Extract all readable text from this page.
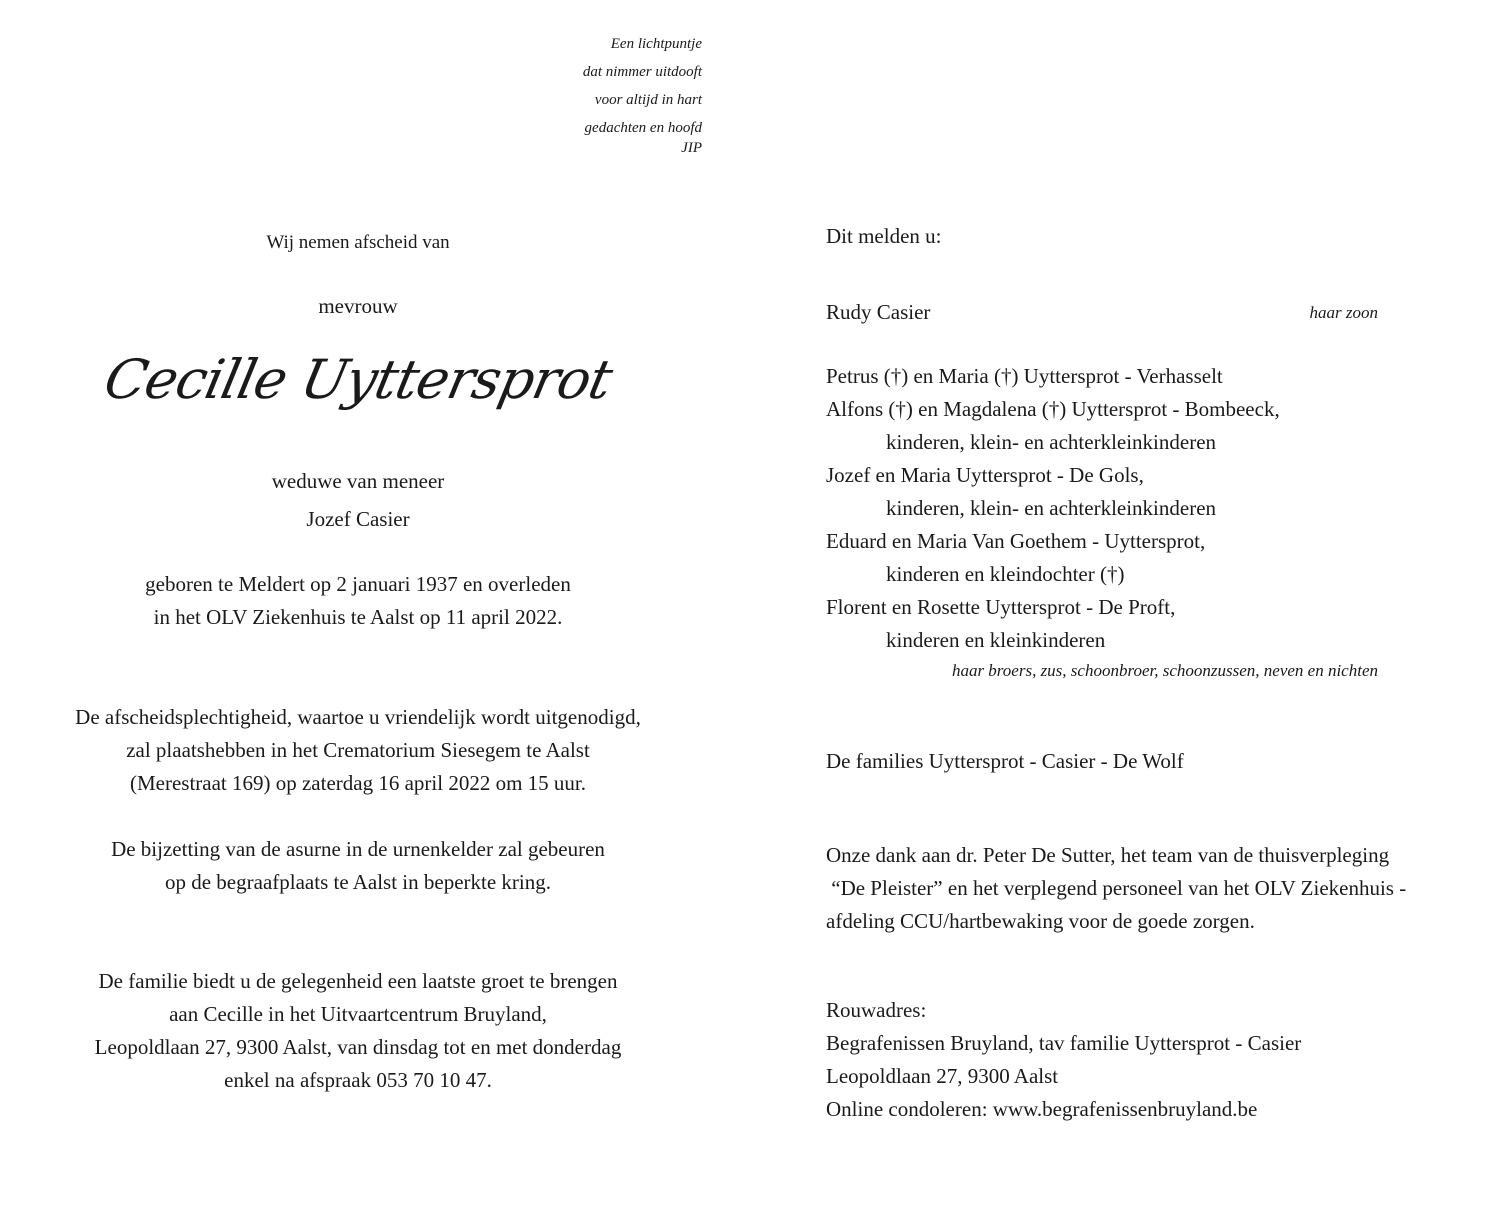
Een lichtpuntje
dat nimmer uitdooft
voor altijd in hart
gedachten en hoofd
JIP
Wij nemen afscheid van
mevrouw
Cecille Uyttersprot
weduwe van meneer
Jozef Casier
geboren te Meldert op 2 januari 1937 en overleden
in het OLV Ziekenhuis te Aalst op 11 april 2022.
De afscheidsplechtigheid, waartoe u vriendelijk wordt uitgenodigd,
zal plaatshebben in het Crematorium Siesegem te Aalst
(Merestraat 169) op zaterdag 16 april 2022 om 15 uur.
De bijzetting van de asurne in de urnenkelder zal gebeuren
op de begraafplaats te Aalst in beperkte kring.
De familie biedt u de gelegenheid een laatste groet te brengen
aan Cecille in het Uitvaartcentrum Bruyland,
Leopoldlaan 27, 9300 Aalst, van dinsdag tot en met donderdag
enkel na afspraak 053 70 10 47.
Dit melden u:
Rudy Casier	haar zoon
Petrus (†) en Maria (†) Uyttersprot - Verhasselt
Alfons (†) en Magdalena (†) Uyttersprot - Bombeeck,
kinderen, klein- en achterkleinkinderen
Jozef en Maria Uyttersprot - De Gols,
kinderen, klein- en achterkleinkinderen
Eduard en Maria Van Goethem - Uyttersprot,
kinderen en kleindochter (†)
Florent en Rosette Uyttersprot - De Proft,
kinderen en kleinkinderen
haar broers, zus, schoonbroer, schoonzussen, neven en nichten
De families Uyttersprot - Casier - De Wolf
Onze dank aan dr. Peter De Sutter, het team van de thuisverpleging
“De Pleister” en het verplegend personeel van het OLV Ziekenhuis -
afdeling CCU/hartbewaking voor de goede zorgen.
Rouwadres:
Begrafenissen Bruyland, tav familie Uyttersprot - Casier
Leopoldlaan 27, 9300 Aalst
Online condoleren: www.begrafenissenbruyland.be
